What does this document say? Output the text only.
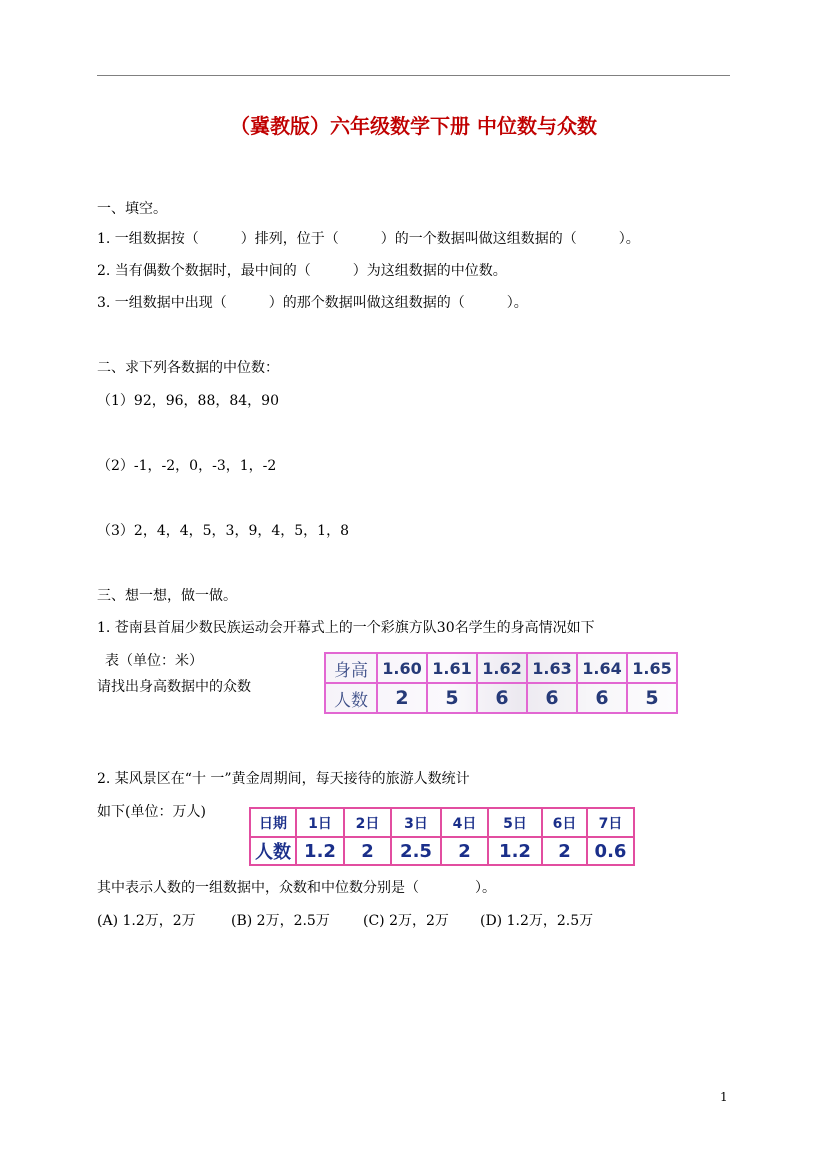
（冀教版）六年级数学下册 中位数与众数
一、填空。
1. 一组数据按（　　　）排列，位于（　　　）的一个数据叫做这组数据的（　　　）。
2. 当有偶数个数据时，最中间的（　　　）为这组数据的中位数。
3. 一组数据中出现（　　　）的那个数据叫做这组数据的（　　　）。
二、求下列各数据的中位数：
（1）92，96，88，84，90
（2）-1，-2，0，-3，1，-2
（3）2，4，4，5，3，9，4，5，1，8
三、想一想，做一做。
1. 苍南县首届少数民族运动会开幕式上的一个彩旗方队30名学生的身高情况如下
表（单位：米）
请找出身高数据中的众数
身高	1.60	1.61	1.62	1.63	1.64	1.65
人数	2	5	6	6	6	5
2. 某风景区在“十 一”黄金周期间，每天接待的旅游人数统计
如下(单位：万人)
日期	1日	2日	3日	4日	5日	6日	7日
人数	1.2	2	2.5	2	1.2	2	0.6
其中表示人数的一组数据中，众数和中位数分别是（　　　　）。
(A) 1.2万，2万	(B) 2万，2.5万 (C) 2万，2万 (D) 1.2万，2.5万
1
